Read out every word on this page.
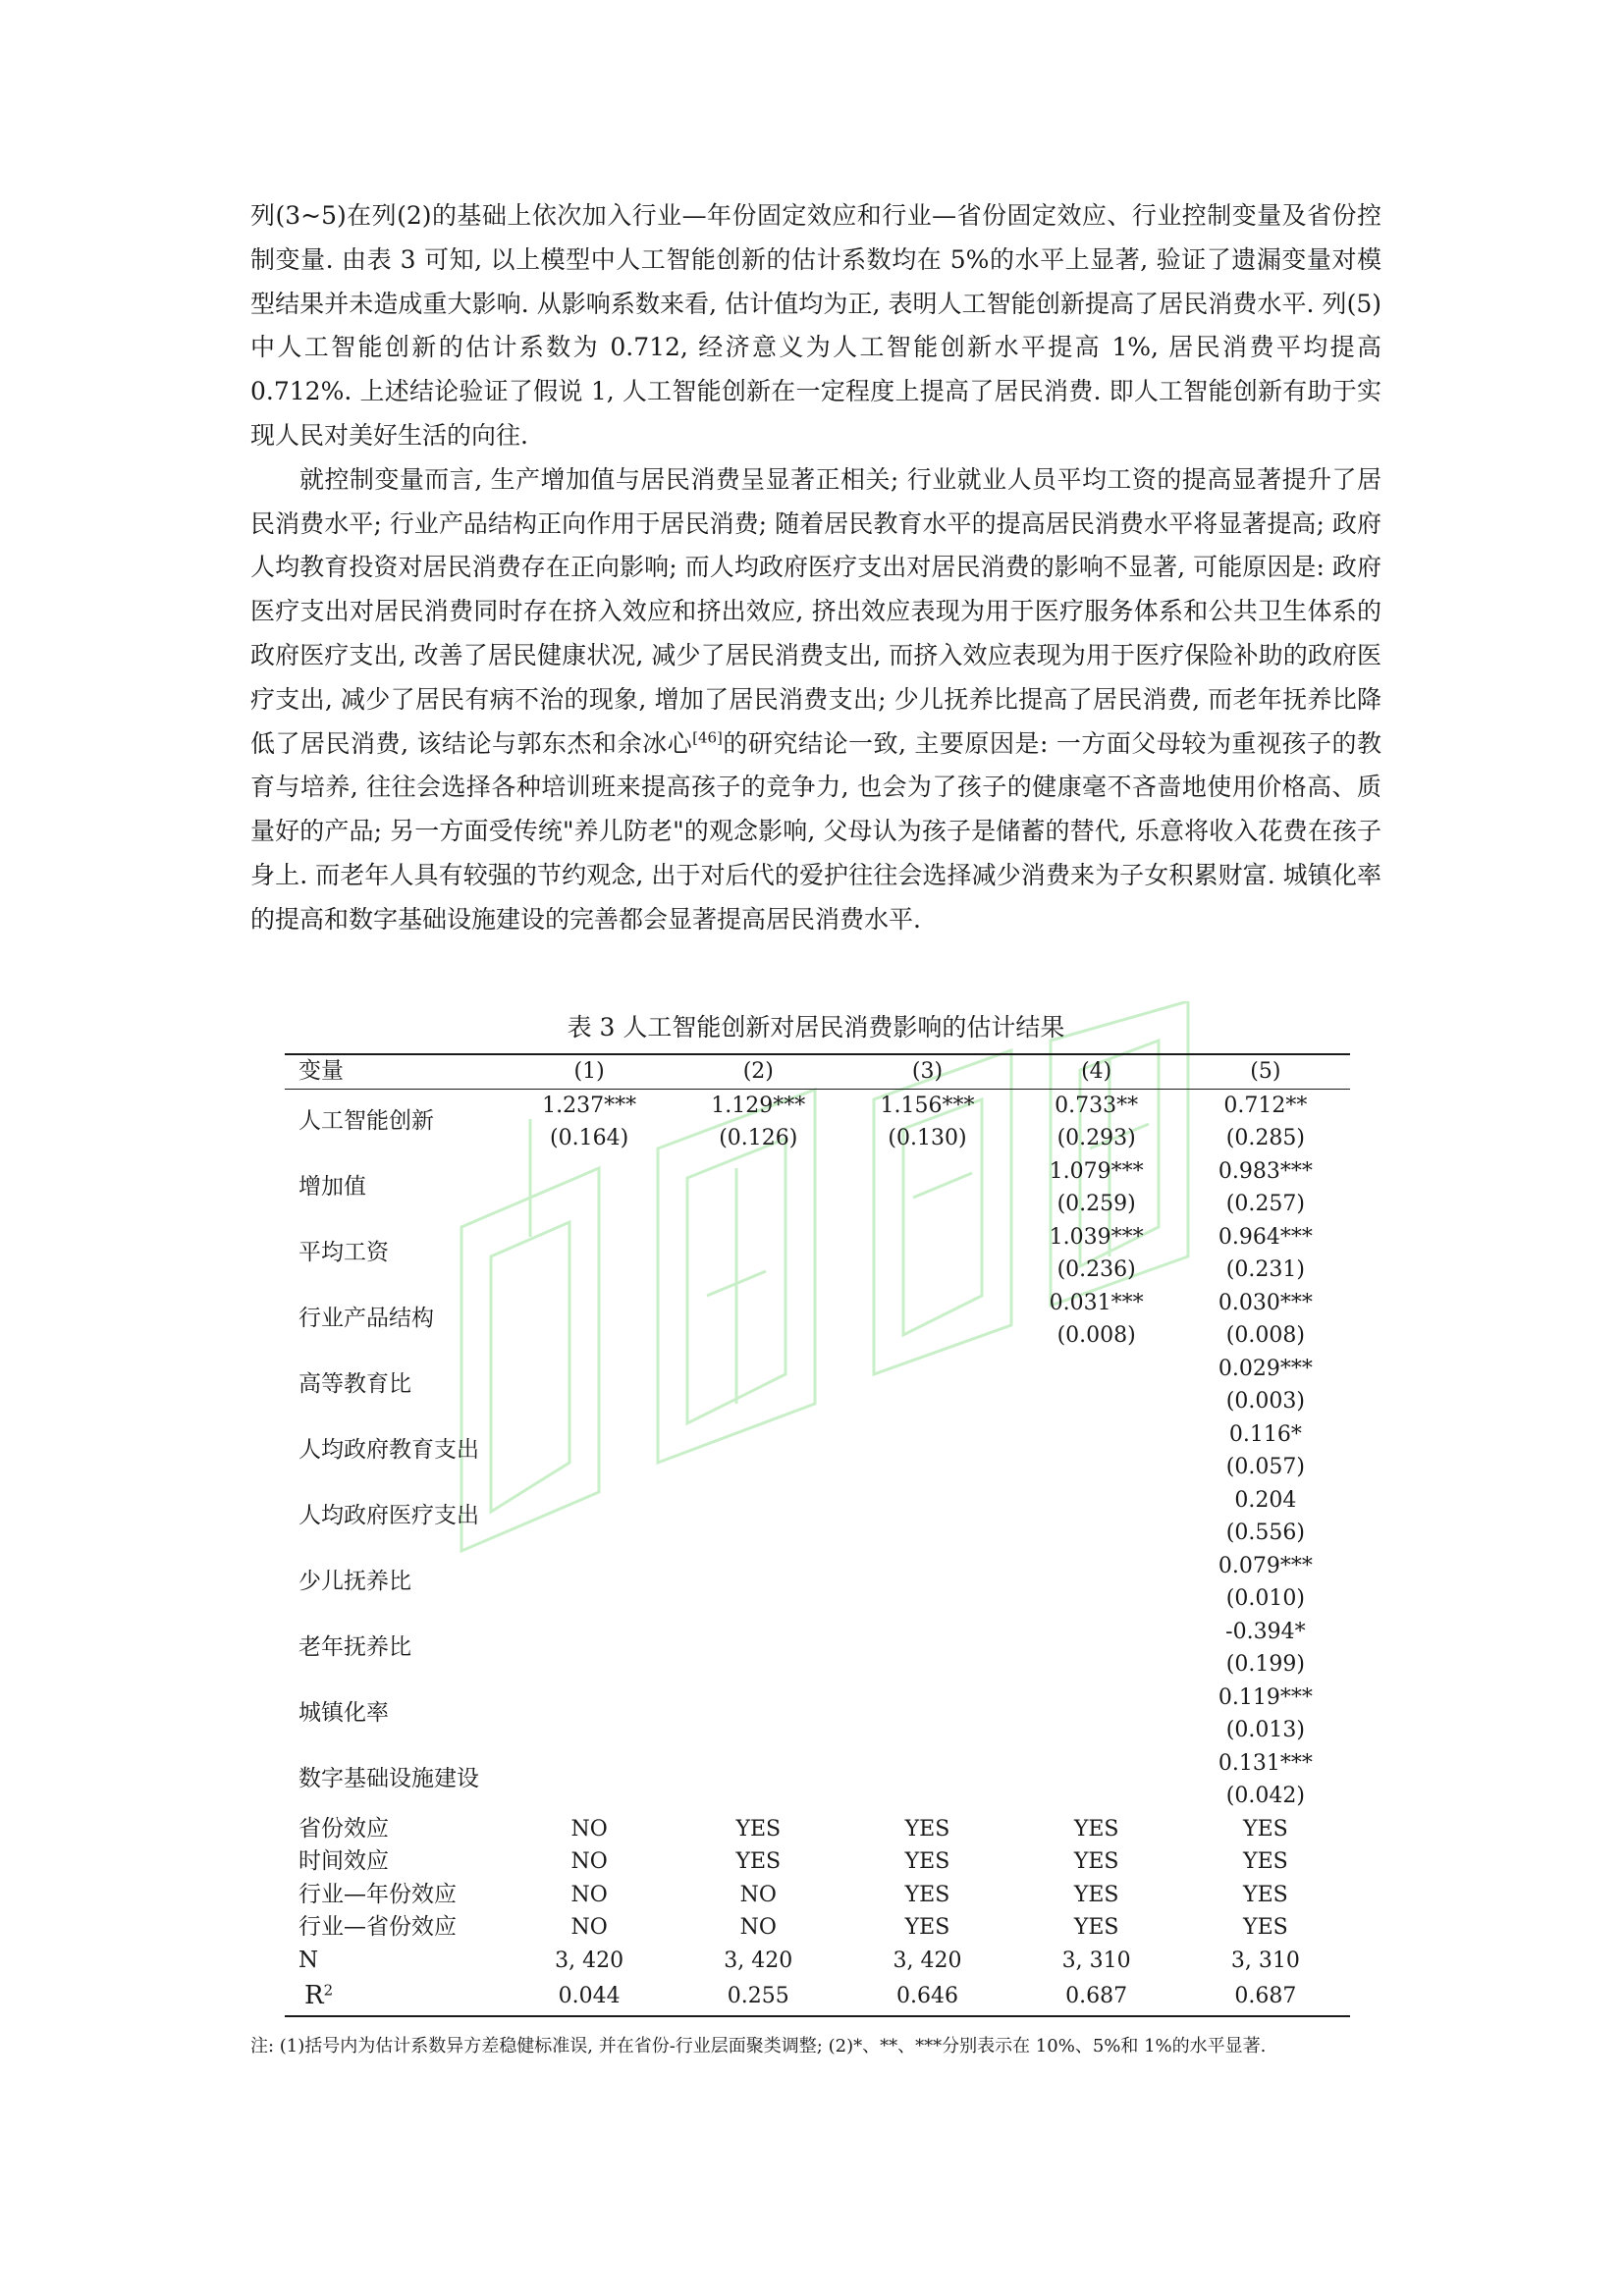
列(3~5)在列(2)的基础上依次加入行业—年份固定效应和行业—省份固定效应、行业控制变量及省份控制变量. 由表 3 可知, 以上模型中人工智能创新的估计系数均在 5%的水平上显著, 验证了遗漏变量对模型结果并未造成重大影响. 从影响系数来看, 估计值均为正, 表明人工智能创新提高了居民消费水平. 列(5)中人工智能创新的估计系数为 0.712, 经济意义为人工智能创新水平提高 1%, 居民消费平均提高 0.712%. 上述结论验证了假说 1, 人工智能创新在一定程度上提高了居民消费. 即人工智能创新有助于实现人民对美好生活的向往.

就控制变量而言, 生产增加值与居民消费呈显著正相关; 行业就业人员平均工资的提高显著提升了居民消费水平; 行业产品结构正向作用于居民消费; 随着居民教育水平的提高居民消费水平将显著提高; 政府人均教育投资对居民消费存在正向影响; 而人均政府医疗支出对居民消费的影响不显著, 可能原因是: 政府医疗支出对居民消费同时存在挤入效应和挤出效应, 挤出效应表现为用于医疗服务体系和公共卫生体系的政府医疗支出, 改善了居民健康状况, 减少了居民消费支出, 而挤入效应表现为用于医疗保险补助的政府医疗支出, 减少了居民有病不治的现象, 增加了居民消费支出; 少儿抚养比提高了居民消费, 而老年抚养比降低了居民消费, 该结论与郭东杰和余冰心[46]的研究结论一致, 主要原因是: 一方面父母较为重视孩子的教育与培养, 往往会选择各种培训班来提高孩子的竞争力, 也会为了孩子的健康毫不吝啬地使用价格高、质量好的产品; 另一方面受传统"养儿防老"的观念影响, 父母认为孩子是储蓄的替代, 乐意将收入花费在孩子身上. 而老年人具有较强的节约观念, 出于对后代的爱护往往会选择减少消费来为子女积累财富. 城镇化率的提高和数字基础设施建设的完善都会显著提高居民消费水平.

表 3 人工智能创新对居民消费影响的估计结果
变量	(1)	(2)	(3)	(4)	(5)
人工智能创新	1.237***	1.129***	1.156***	0.733**	0.712**
	(0.164)	(0.126)	(0.130)	(0.293)	(0.285)
增加值				1.079***	0.983***
				(0.259)	(0.257)
平均工资				1.039***	0.964***
				(0.236)	(0.231)
行业产品结构				0.031***	0.030***
				(0.008)	(0.008)
高等教育比					0.029***
					(0.003)
人均政府教育支出					0.116*
					(0.057)
人均政府医疗支出					0.204
					(0.556)
少儿抚养比					0.079***
					(0.010)
老年抚养比					-0.394*
					(0.199)
城镇化率					0.119***
					(0.013)
数字基础设施建设					0.131***
					(0.042)
省份效应	NO	YES	YES	YES	YES
时间效应	NO	YES	YES	YES	YES
行业—年份效应	NO	NO	YES	YES	YES
行业—省份效应	NO	NO	YES	YES	YES
N	3, 420	3, 420	3, 420	3, 310	3, 310
$R^2$	0.044	0.255	0.646	0.687	0.687
注: (1)括号内为估计系数异方差稳健标准误, 并在省份-行业层面聚类调整; (2)*、**、***分别表示在 10%、5%和 1%的水平显著.
